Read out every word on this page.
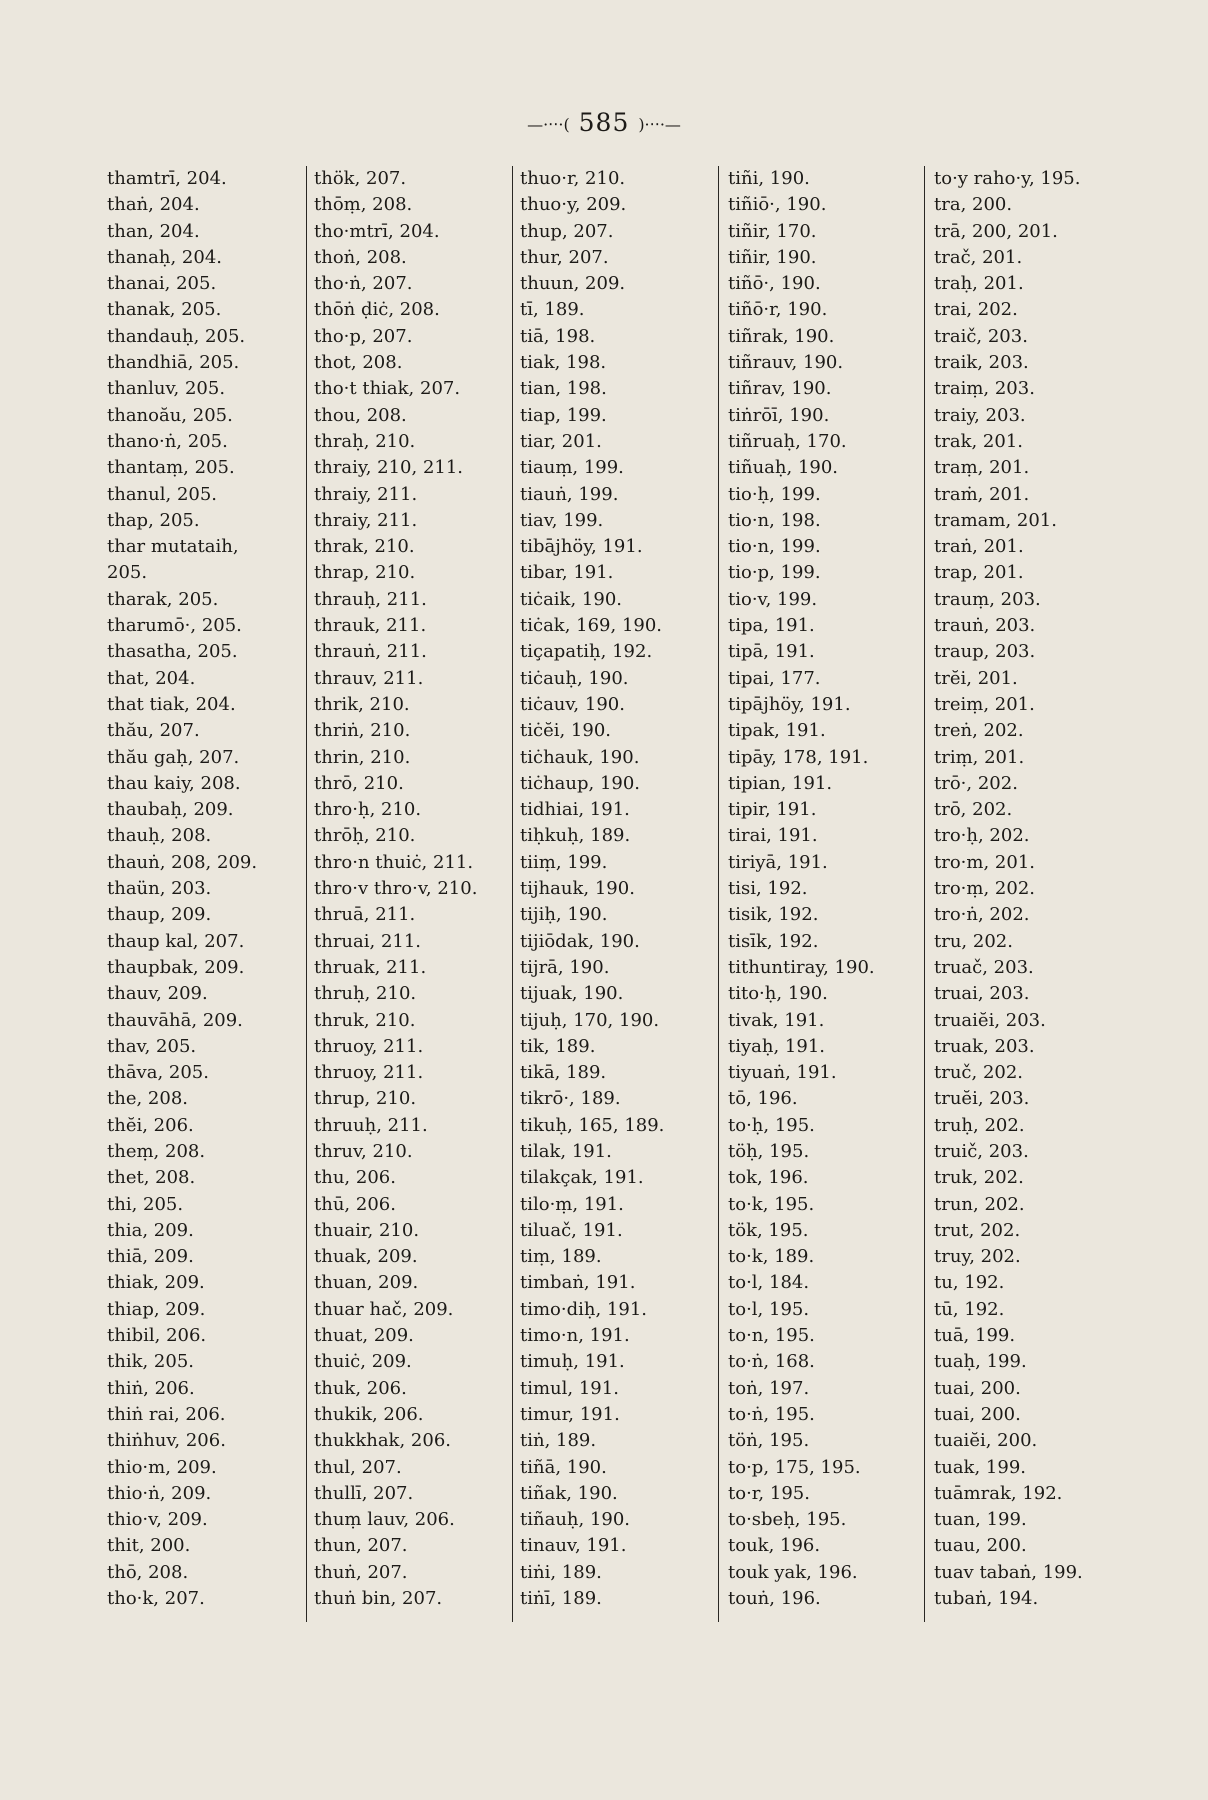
—·‧‧·( 585 )·‧‧·—
thamtrī, 204.
thaṅ, 204.
than, 204.
thanaḥ, 204.
thanai, 205.
thanak, 205.
thandauḥ, 205.
thandhiā, 205.
thanluv, 205.
thanoău, 205.
thano·ṅ, 205.
thantaṃ, 205.
thanul, 205.
thap, 205.
thar mutataih,
205.
tharak, 205.
tharumō·, 205.
thasatha, 205.
that, 204.
that tiak, 204.
thău, 207.
thău gaḥ, 207.
thau kaiy, 208.
thaubaḥ, 209.
thauḥ, 208.
thauṅ, 208, 209.
thaün, 203.
thaup, 209.
thaup kal, 207.
thaupbak, 209.
thauv, 209.
thauvāhā, 209.
thav, 205.
thāva, 205.
the, 208.
thĕi, 206.
theṃ, 208.
thet, 208.
thi, 205.
thia, 209.
thiā, 209.
thiak, 209.
thiap, 209.
thibil, 206.
thik, 205.
thiṅ, 206.
thiṅ rai, 206.
thiṅhuv, 206.
thio·m, 209.
thio·ṅ, 209.
thio·v, 209.
thit, 200.
thō, 208.
tho·k, 207.
thök, 207.
thōṃ, 208.
tho·mtrī, 204.
thoṅ, 208.
tho·ṅ, 207.
thōṅ ḍiċ, 208.
tho·p, 207.
thot, 208.
tho·t thiak, 207.
thou, 208.
thraḥ, 210.
thraiy, 210, 211.
thraiy, 211.
thraiy, 211.
thrak, 210.
thrap, 210.
thrauḥ, 211.
thrauk, 211.
thrauṅ, 211.
thrauv, 211.
thrik, 210.
thriṅ, 210.
thrin, 210.
thrō, 210.
thro·ḥ, 210.
thrōḥ, 210.
thro·n thuiċ, 211.
thro·v thro·v, 210.
thruā, 211.
thruai, 211.
thruak, 211.
thruḥ, 210.
thruk, 210.
thruoy, 211.
thruoy, 211.
thrup, 210.
thruuḥ, 211.
thruv, 210.
thu, 206.
thū, 206.
thuair, 210.
thuak, 209.
thuan, 209.
thuar hač, 209.
thuat, 209.
thuiċ, 209.
thuk, 206.
thukik, 206.
thukkhak, 206.
thul, 207.
thullī, 207.
thuṃ lauv, 206.
thun, 207.
thuṅ, 207.
thuṅ bin, 207.
thuo·r, 210.
thuo·y, 209.
thup, 207.
thur, 207.
thuun, 209.
tī, 189.
tiā, 198.
tiak, 198.
tian, 198.
tiap, 199.
tiar, 201.
tiauṃ, 199.
tiauṅ, 199.
tiav, 199.
tibājhöy, 191.
tibar, 191.
tiċaik, 190.
tiċak, 169, 190.
tiçapatiḥ, 192.
tiċauḥ, 190.
tiċauv, 190.
tiċĕi, 190.
tiċhauk, 190.
tiċhaup, 190.
tidhiai, 191.
tiḥkuḥ, 189.
tiiṃ, 199.
tijhauk, 190.
tijiḥ, 190.
tijiōdak, 190.
tijrā, 190.
tijuak, 190.
tijuḥ, 170, 190.
tik, 189.
tikā, 189.
tikrō·, 189.
tikuḥ, 165, 189.
tilak, 191.
tilakçak, 191.
tilo·ṃ, 191.
tiluač, 191.
tiṃ, 189.
timbaṅ, 191.
timo·diḥ, 191.
timo·n, 191.
timuḥ, 191.
timul, 191.
timur, 191.
tiṅ, 189.
tiñā, 190.
tiñak, 190.
tiñauḥ, 190.
tinauv, 191.
tiṅi, 189.
tiṅī, 189.
tiñi, 190.
tiñiō·, 190.
tiñir, 170.
tiñir, 190.
tiñō·, 190.
tiñō·r, 190.
tiñrak, 190.
tiñrauv, 190.
tiñrav, 190.
tiṅrōī, 190.
tiñruaḥ, 170.
tiñuaḥ, 190.
tio·ḥ, 199.
tio·n, 198.
tio·n, 199.
tio·p, 199.
tio·v, 199.
tipa, 191.
tipā, 191.
tipai, 177.
tipājhöy, 191.
tipak, 191.
tipāy, 178, 191.
tipian, 191.
tipir, 191.
tirai, 191.
tiriyā, 191.
tisi, 192.
tisik, 192.
tisīk, 192.
tithuntiray, 190.
tito·ḥ, 190.
tivak, 191.
tiyaḥ, 191.
tiyuaṅ, 191.
tō, 196.
to·ḥ, 195.
töḥ, 195.
tok, 196.
to·k, 195.
tök, 195.
to·k, 189.
to·l, 184.
to·l, 195.
to·n, 195.
to·ṅ, 168.
toṅ, 197.
to·ṅ, 195.
töṅ, 195.
to·p, 175, 195.
to·r, 195.
to·sbeḥ, 195.
touk, 196.
touk yak, 196.
touṅ, 196.
to·y raho·y, 195.
tra, 200.
trā, 200, 201.
trač, 201.
traḥ, 201.
trai, 202.
traič, 203.
traik, 203.
traiṃ, 203.
traiy, 203.
trak, 201.
traṃ, 201.
traṁ, 201.
tramam, 201.
traṅ, 201.
trap, 201.
trauṃ, 203.
trauṅ, 203.
traup, 203.
trĕi, 201.
treiṃ, 201.
treṅ, 202.
triṃ, 201.
trō·, 202.
trō, 202.
tro·ḥ, 202.
tro·m, 201.
tro·ṃ, 202.
tro·ṅ, 202.
tru, 202.
truač, 203.
truai, 203.
truaiĕi, 203.
truak, 203.
truč, 202.
truĕi, 203.
truḥ, 202.
truič, 203.
truk, 202.
trun, 202.
trut, 202.
truy, 202.
tu, 192.
tū, 192.
tuā, 199.
tuaḥ, 199.
tuai, 200.
tuai, 200.
tuaiĕi, 200.
tuak, 199.
tuāmrak, 192.
tuan, 199.
tuau, 200.
tuav tabaṅ, 199.
tubaṅ, 194.
